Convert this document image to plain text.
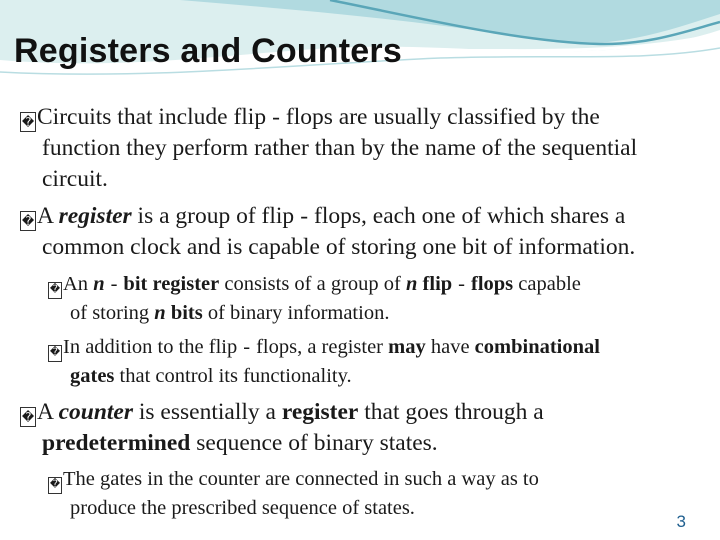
Registers and Counters
� Circuits that include flip - flops are usually classified by the
function they perform rather than by the name of the sequential
circuit.
� A register is a group of flip - flops, each one of which shares a
common clock and is capable of storing one bit of information.
� An n - bit register consists of a group of n flip - flops capable
of storing n bits of binary information.
� In addition to the flip - flops, a register may have combinational
gates that control its functionality.
� A counter is essentially a register that goes through a
predetermined sequence of binary states.
� The gates in the counter are connected in such a way as to
produce the prescribed sequence of states.
3
